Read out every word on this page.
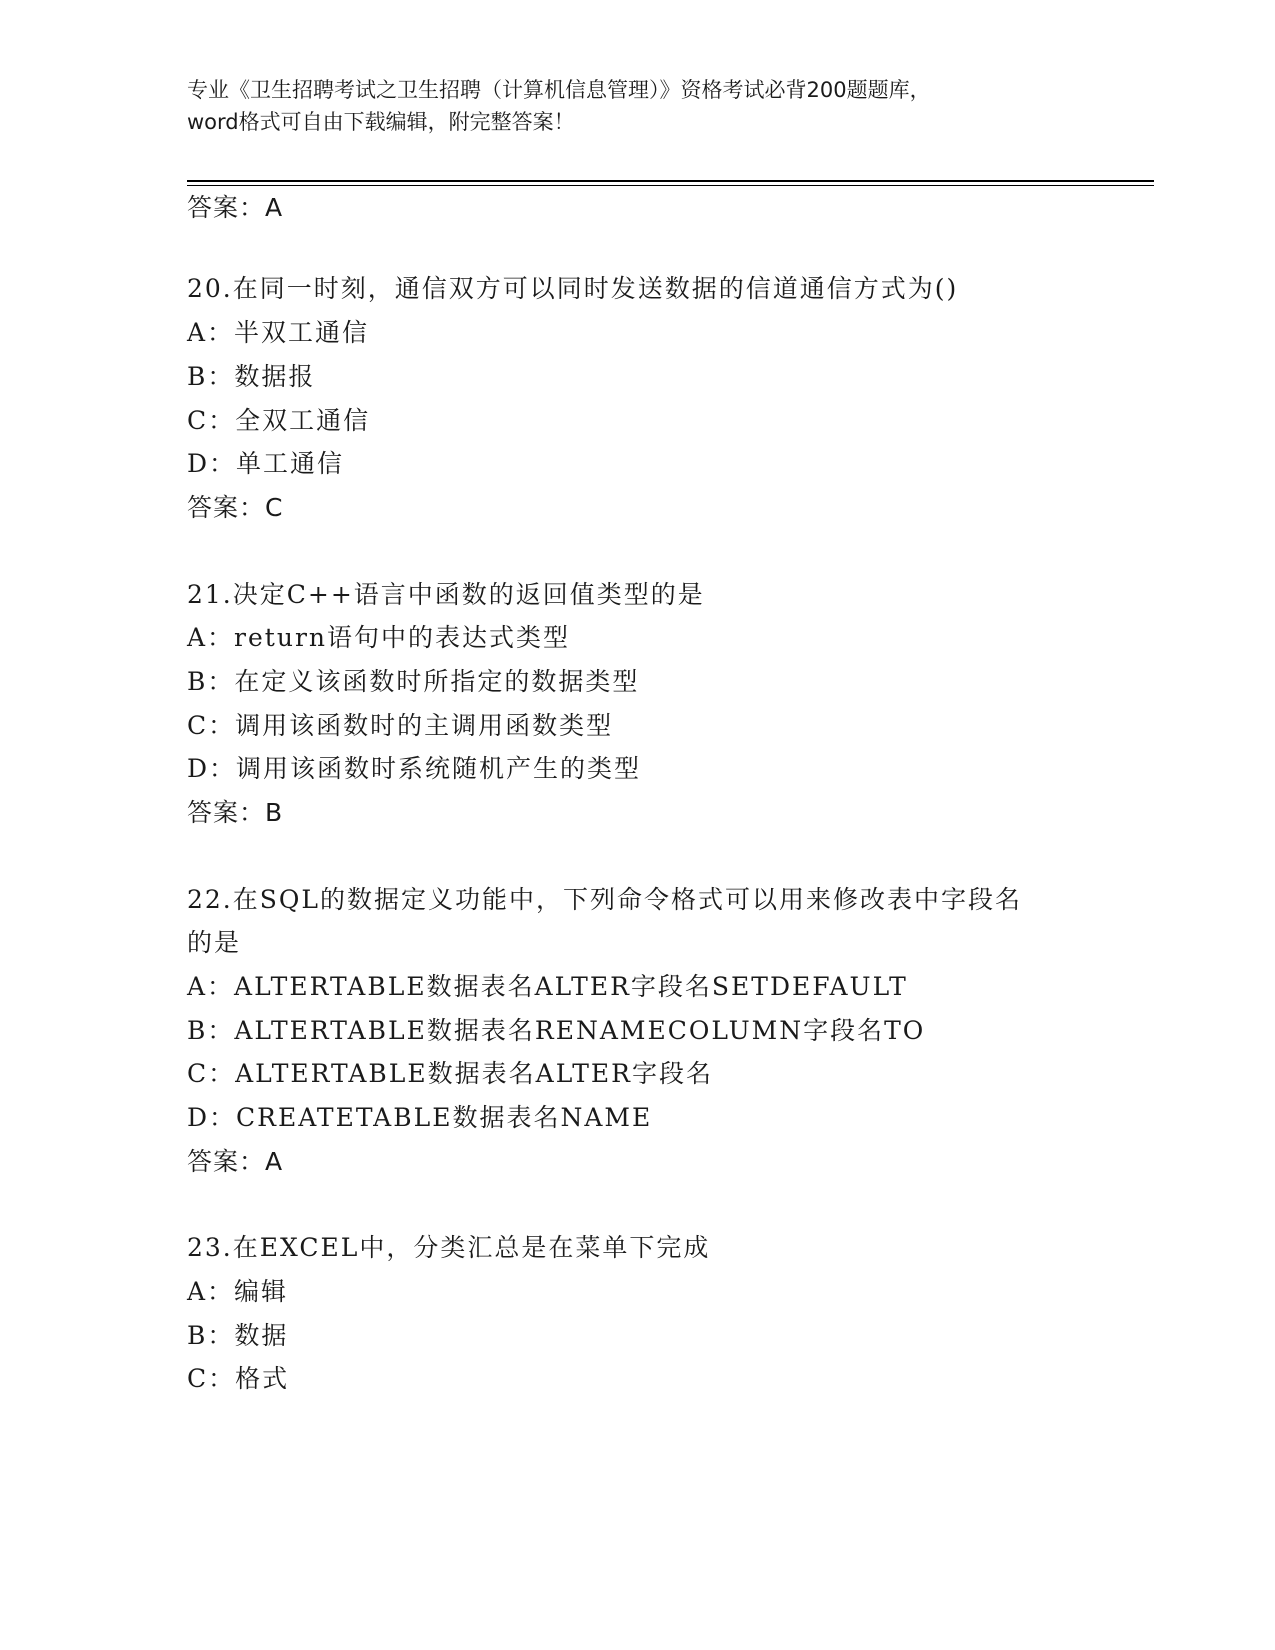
专业《卫生招聘考试之卫生招聘（计算机信息管理）》资格考试必背200题题库，
word格式可自由下载编辑，附完整答案！
答案：A
20.在同一时刻，通信双方可以同时发送数据的信道通信方式为()
A：半双工通信
B：数据报
C：全双工通信
D：单工通信
答案：C
21.决定C++语言中函数的返回值类型的是
A：return语句中的表达式类型
B：在定义该函数时所指定的数据类型
C：调用该函数时的主调用函数类型
D：调用该函数时系统随机产生的类型
答案：B
22.在SQL的数据定义功能中，下列命令格式可以用来修改表中字段名
的是
A：ALTERTABLE数据表名ALTER字段名SETDEFAULT
B：ALTERTABLE数据表名RENAMECOLUMN字段名TO
C：ALTERTABLE数据表名ALTER字段名
D：CREATETABLE数据表名NAME
答案：A
23.在EXCEL中，分类汇总是在菜单下完成
A：编辑
B：数据
C：格式
